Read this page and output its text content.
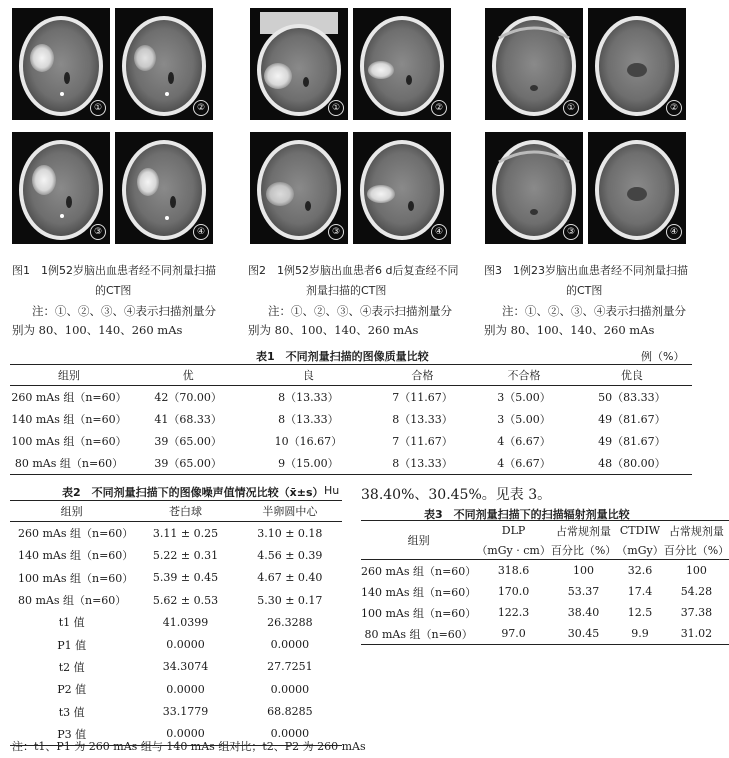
①	②
③	④
①	②
③	④
①	②
③	④
图1　1例52岁脑出血患者经不同剂量扫描
的CT图
注：①、②、③、④表示扫描剂量分
别为 80、100、140、260 mAs
图2　1例52岁脑出血患者6 d后复查经不同
剂量扫描的CT图
注：①、②、③、④表示扫描剂量分
别为 80、100、140、260 mAs
图3　1例23岁脑出血患者经不同剂量扫描
的CT图
注：①、②、③、④表示扫描剂量分
别为 80、100、140、260 mAs
表1　不同剂量扫描的图像质量比较	例（%）
组别	优	良	合格	不合格	优良
260 mAs 组（n=60）	42（70.00）	8（13.33）	7（11.67）	3（5.00）	50（83.33）
140 mAs 组（n=60）	41（68.33）	8（13.33）	8（13.33）	3（5.00）	49（81.67）
100 mAs 组（n=60）	39（65.00）	10（16.67）	7（11.67）	4（6.67）	49（81.67）
80 mAs 组（n=60）	39（65.00）	9（15.00）	8（13.33）	4（6.67）	48（80.00）
表2　不同剂量扫描下的图像噪声值情况比较（x̄±s） Hu
组别	苍白球	半卵圆中心
260 mAs 组（n=60）	3.11 ± 0.25	3.10 ± 0.18
140 mAs 组（n=60）	5.22 ± 0.31	4.56 ± 0.39
100 mAs 组（n=60）	5.39 ± 0.45	4.67 ± 0.40
80 mAs 组（n=60）	5.62 ± 0.53	5.30 ± 0.17
t1 值	41.0399	26.3288
P1 值	0.0000	0.0000
t2 值	34.3074	27.7251
P2 值	0.0000	0.0000
t3 值	33.1779	68.8285
P3 值	0.0000	0.0000
注：t1、P1 为 260 mAs 组与 140 mAs 组对比；t2、P2 为 260 mAs
38.40%、30.45%。见表 3。
表3　不同剂量扫描下的扫描辐射剂量比较
组别	DLP	占常规剂量	CTDIW	占常规剂量
	（mGy · cm）	百分比（%）	（mGy）	百分比（%）
260 mAs 组（n=60）	318.6	100	32.6	100
140 mAs 组（n=60）	170.0	53.37	17.4	54.28
100 mAs 组（n=60）	122.3	38.40	12.5	37.38
80 mAs 组（n=60）	97.0	30.45	9.9	31.02
